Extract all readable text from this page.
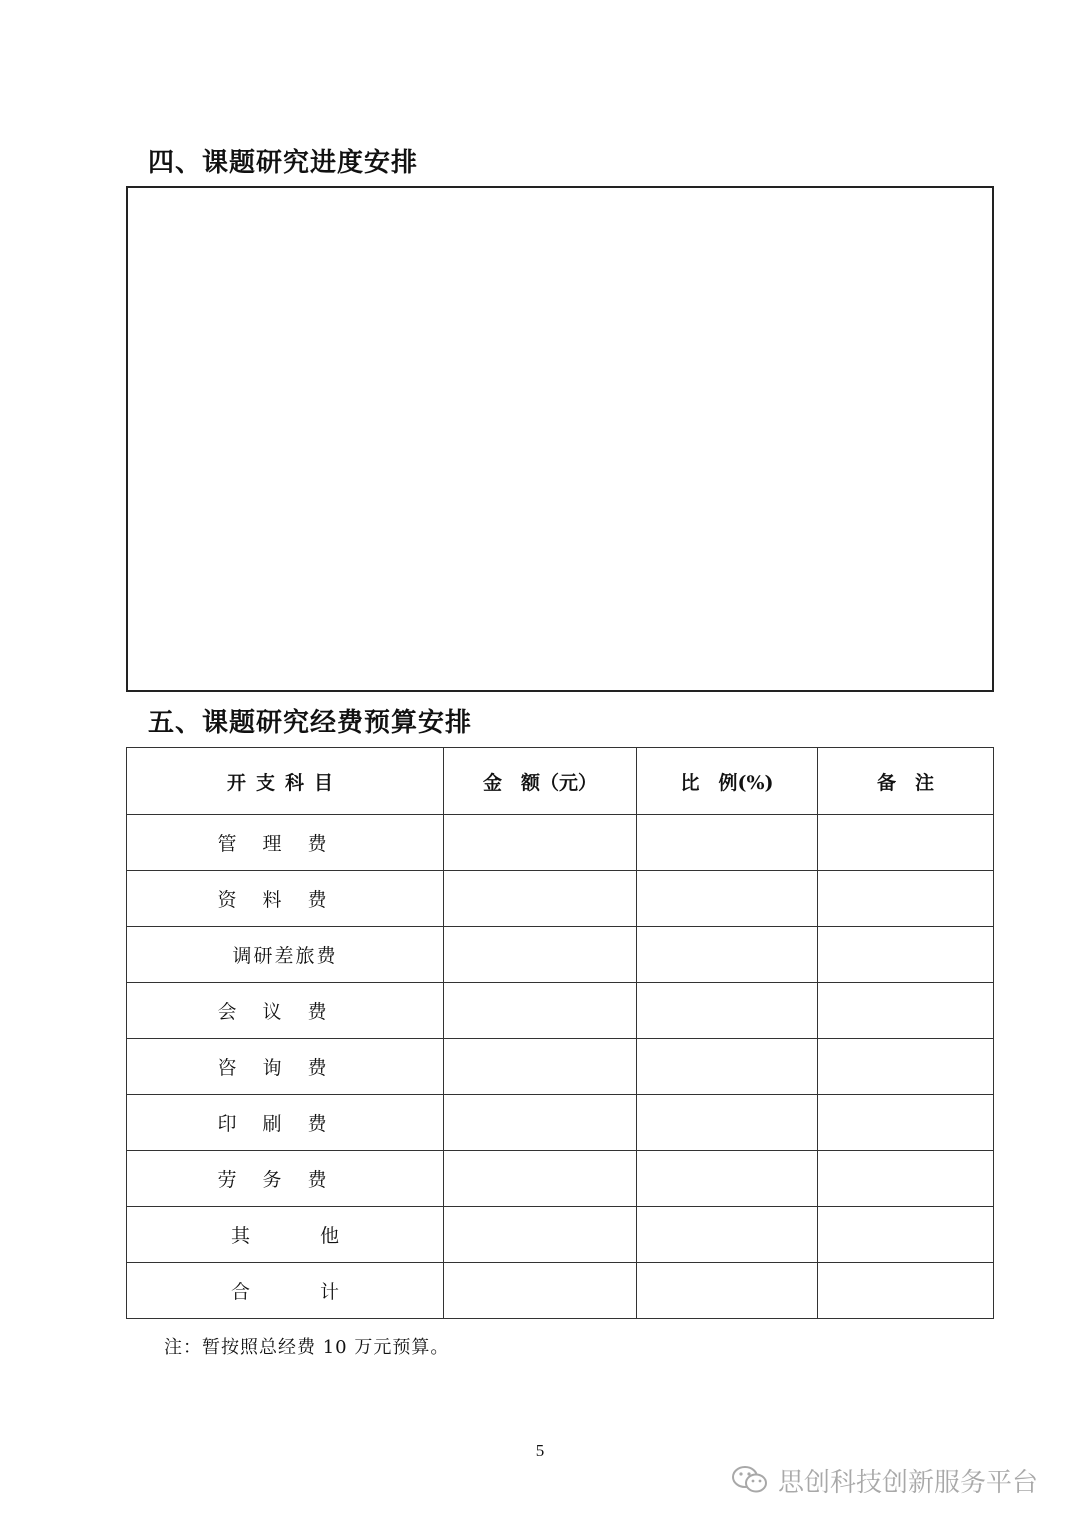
四、课题研究进度安排
五、课题研究经费预算安排
开支科目	金　额（元）	比　例(%)	备　注
管理费			
资料费			
调研差旅费			
会议费			
咨询费			
印刷费			
劳务费			
其他			
合计			

注：暂按照总经费 10 万元预算。

5

思创科技创新服务平台
